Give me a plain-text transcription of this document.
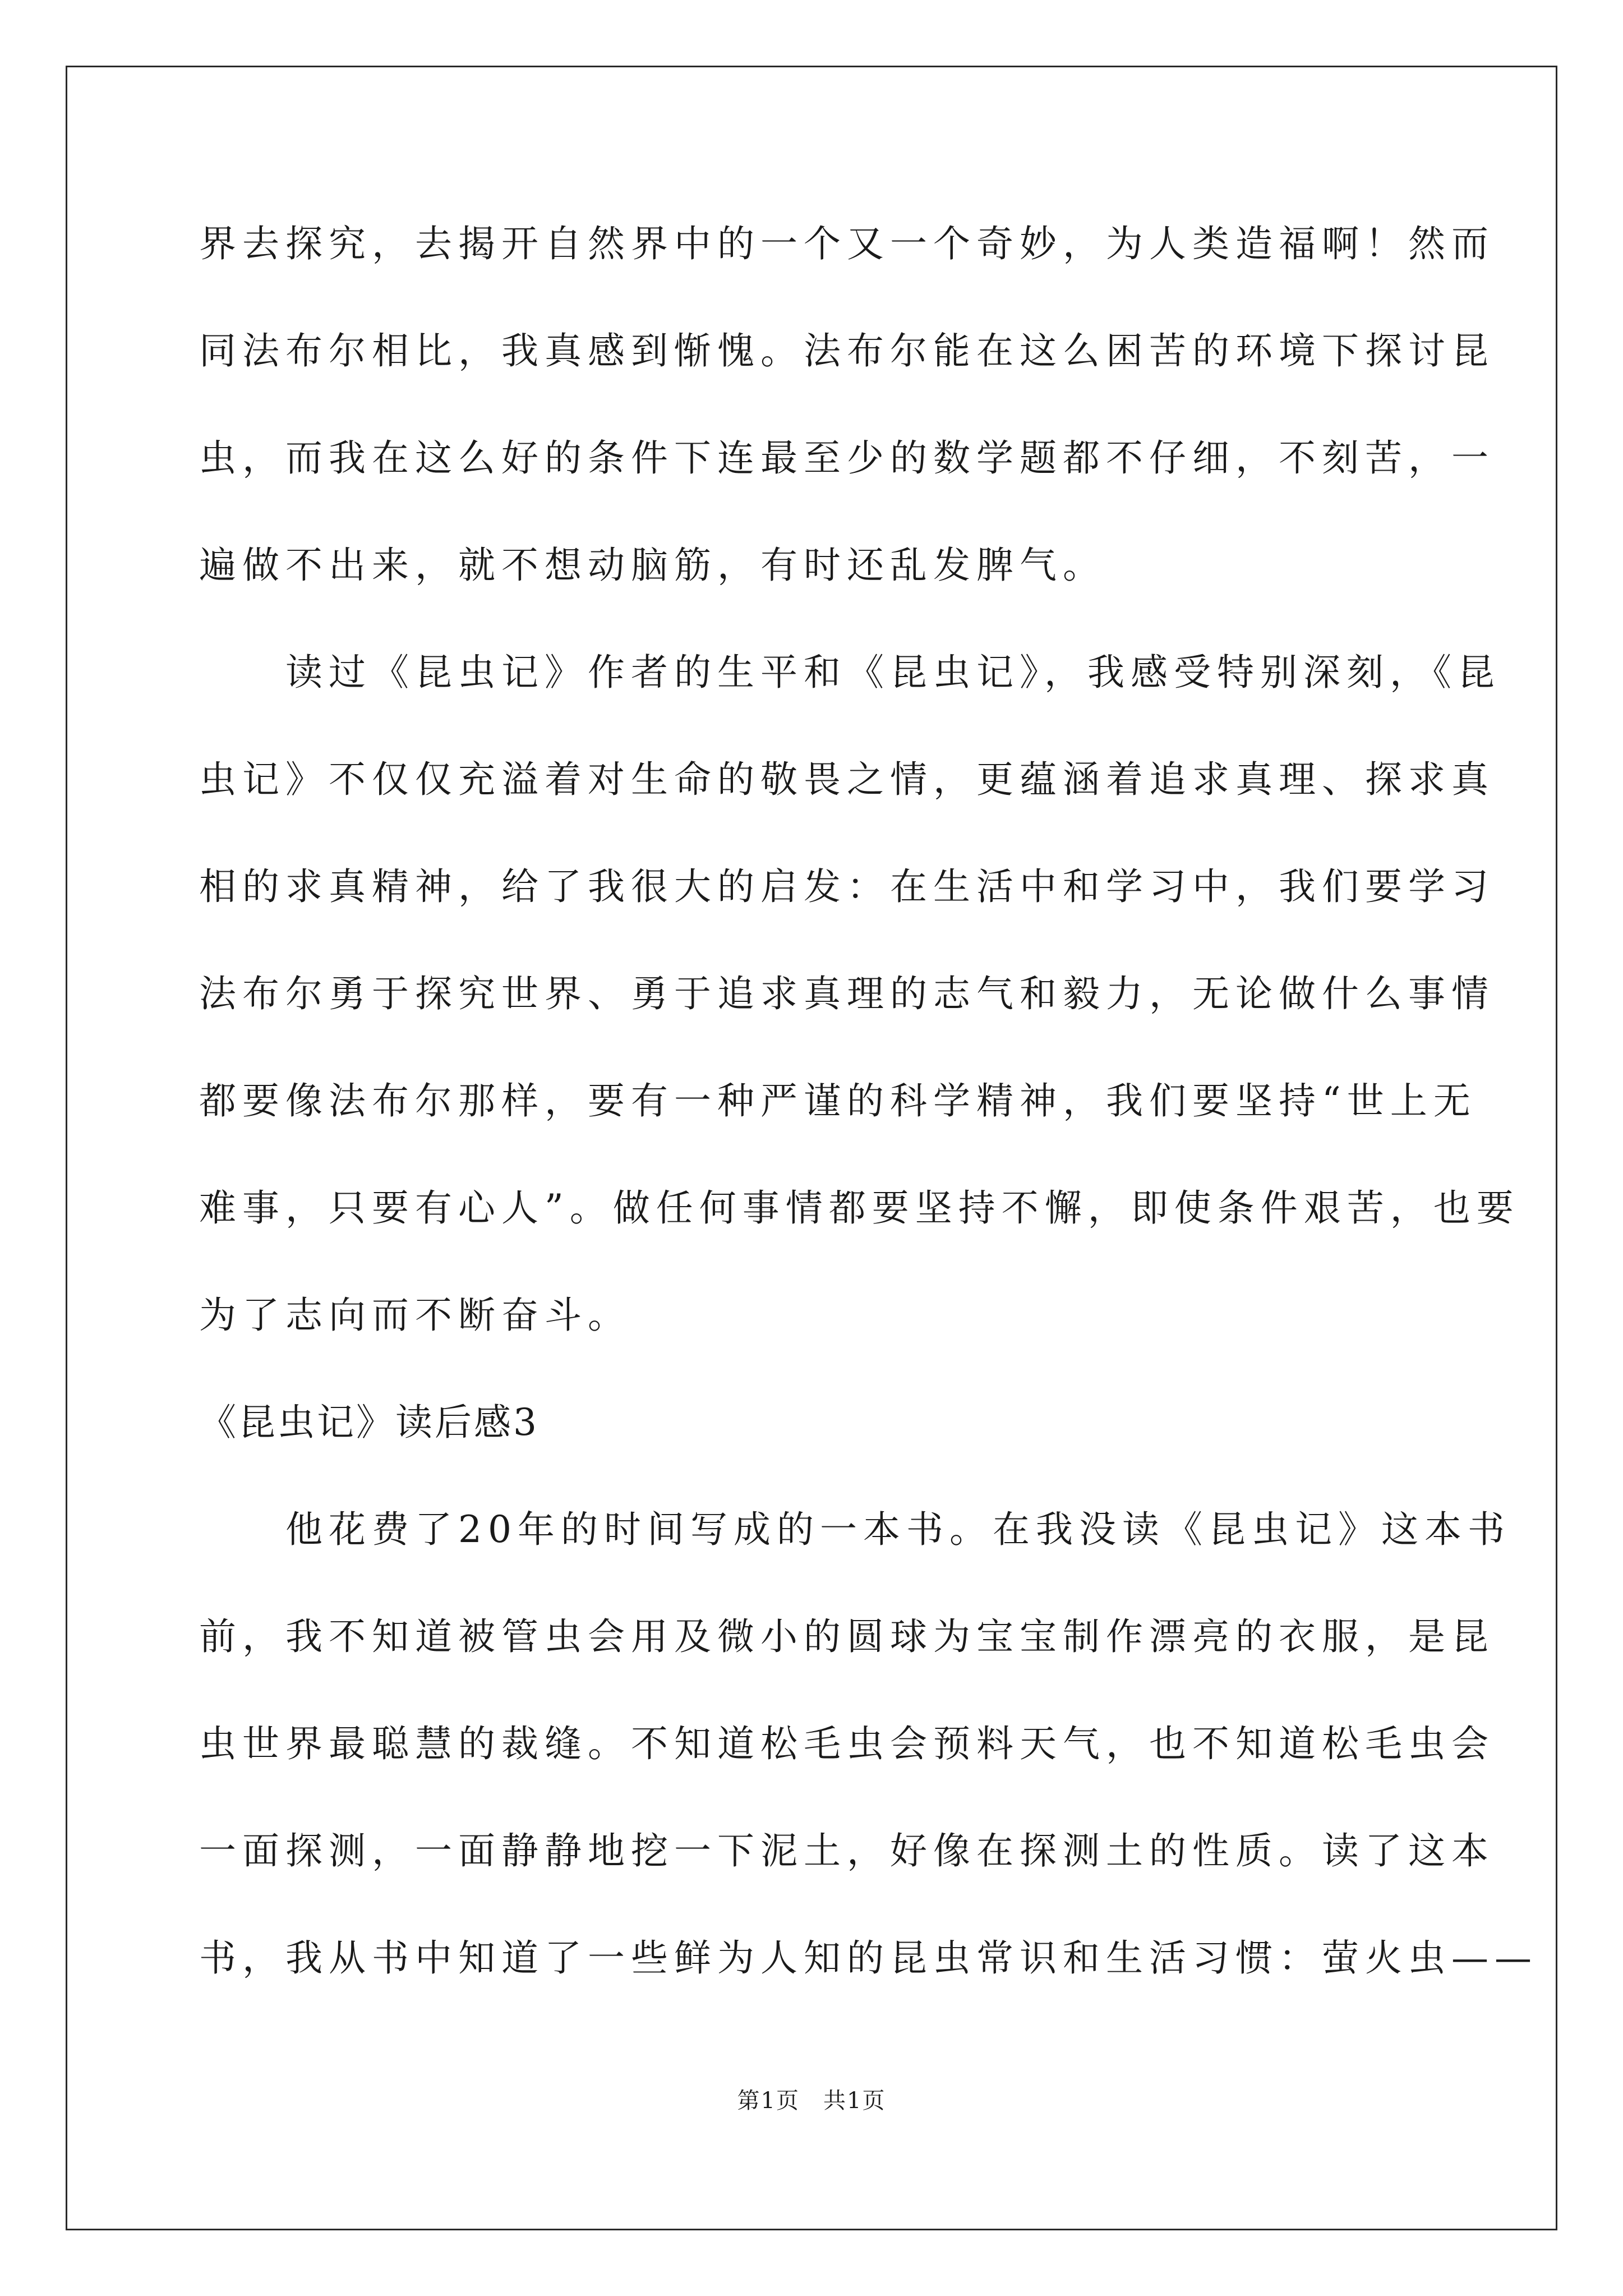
界去探究，去揭开自然界中的一个又一个奇妙，为人类造福啊！然而
同法布尔相比，我真感到惭愧。法布尔能在这么困苦的环境下探讨昆
虫，而我在这么好的条件下连最至少的数学题都不仔细，不刻苦，一
遍做不出来，就不想动脑筋，有时还乱发脾气。
　　读过《昆虫记》作者的生平和《昆虫记》，我感受特别深刻，《昆
虫记》不仅仅充溢着对生命的敬畏之情，更蕴涵着追求真理、探求真
相的求真精神，给了我很大的启发：在生活中和学习中，我们要学习
法布尔勇于探究世界、勇于追求真理的志气和毅力，无论做什么事情
都要像法布尔那样，要有一种严谨的科学精神，我们要坚持“世上无
难事，只要有心人”。做任何事情都要坚持不懈，即使条件艰苦，也要
为了志向而不断奋斗。
《昆虫记》读后感3
　　他花费了20年的时间写成的一本书。在我没读《昆虫记》这本书
前，我不知道被管虫会用及微小的圆球为宝宝制作漂亮的衣服，是昆
虫世界最聪慧的裁缝。不知道松毛虫会预料天气，也不知道松毛虫会
一面探测，一面静静地挖一下泥土，好像在探测土的性质。读了这本
书，我从书中知道了一些鲜为人知的昆虫常识和生活习惯：萤火虫——
第1页　共1页
